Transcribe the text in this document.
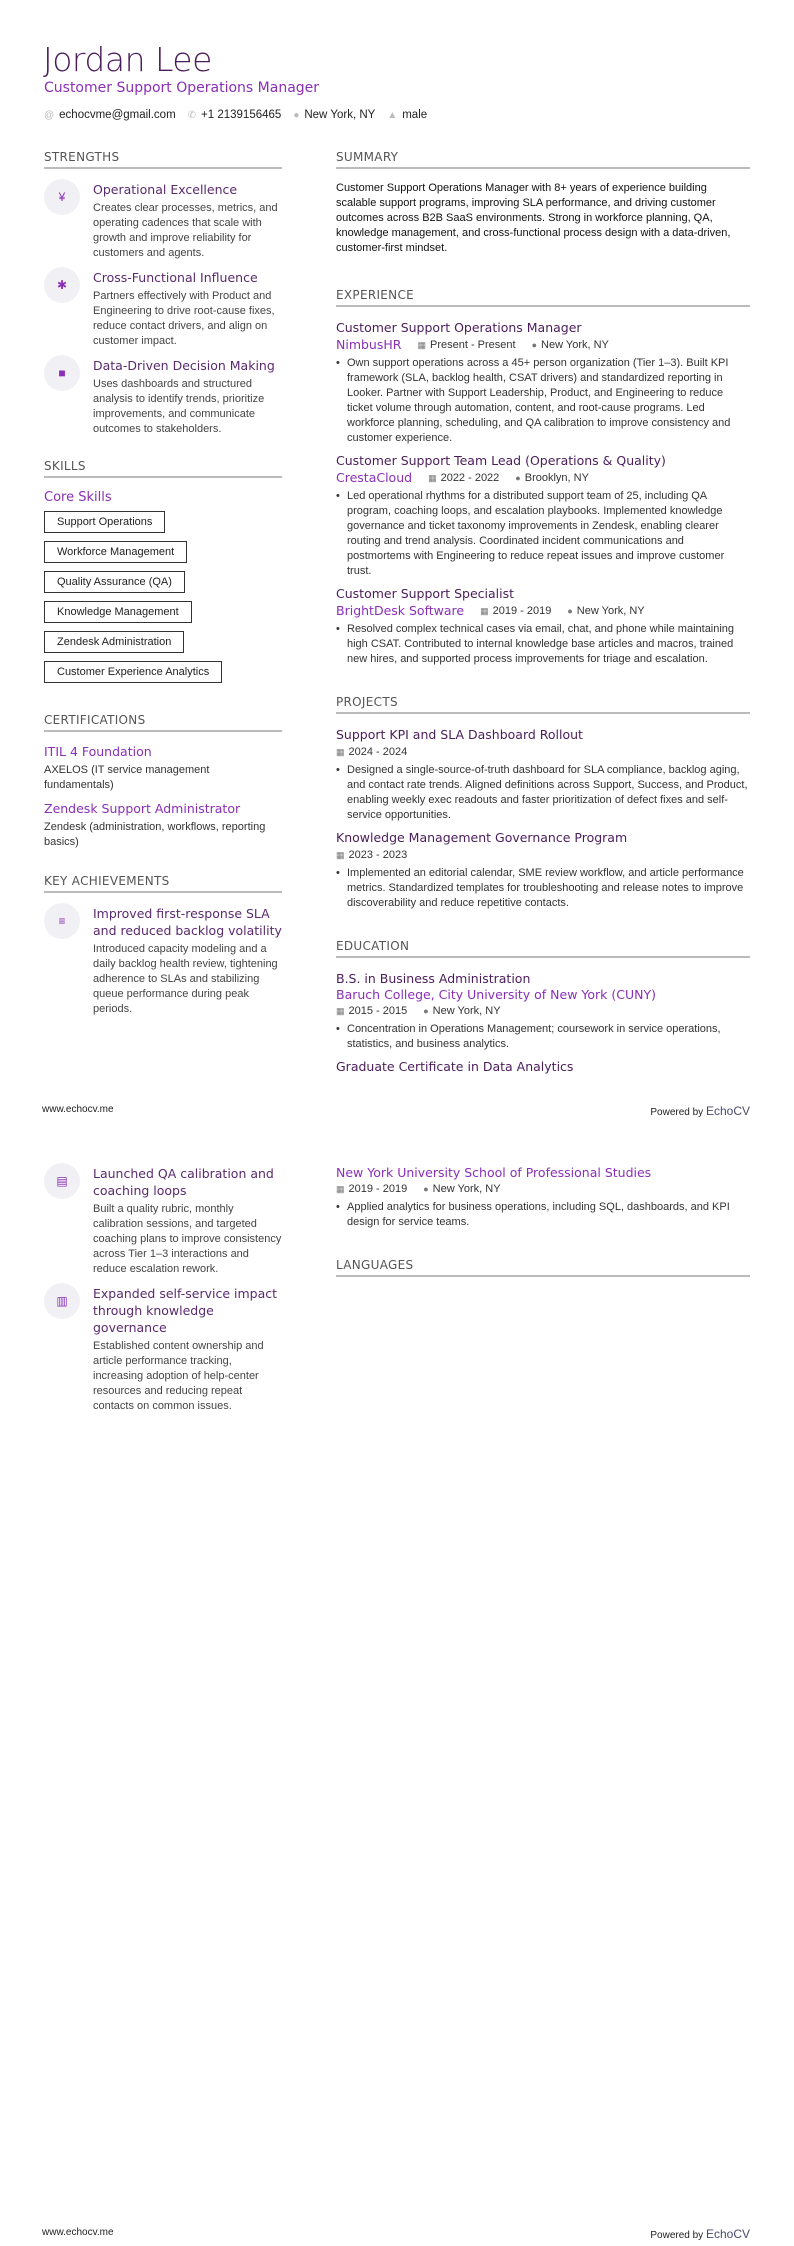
Jordan Lee
Customer Support Operations Manager
@ echocvme@gmail.com ✆ +1 2139156465 ● New York, NY ▲ male
STRENGTHS
¥	Operational Excellence
Creates clear processes, metrics, and operating cadences that scale with growth and improve reliability for customers and agents.
✱	Cross-Functional Influence
Partners effectively with Product and Engineering to drive root-cause fixes, reduce contact drivers, and align on customer impact.
■	Data-Driven Decision Making
Uses dashboards and structured analysis to identify trends, prioritize improvements, and communicate outcomes to stakeholders.
SKILLS
Core Skills
Support Operations
Workforce Management
Quality Assurance (QA)
Knowledge Management
Zendesk Administration
Customer Experience Analytics
CERTIFICATIONS
ITIL 4 Foundation
AXELOS (IT service management fundamentals)
Zendesk Support Administrator
Zendesk (administration, workflows, reporting basics)
KEY ACHIEVEMENTS
≡	Improved first-response SLA and reduced backlog volatility
Introduced capacity modeling and a daily backlog health review, tightening adherence to SLAs and stabilizing queue performance during peak periods.
SUMMARY
Customer Support Operations Manager with 8+ years of experience building scalable support programs, improving SLA performance, and driving customer outcomes across B2B SaaS environments. Strong in workforce planning, QA, knowledge management, and cross-functional process design with a data-driven, customer-first mindset.
EXPERIENCE
Customer Support Operations Manager
NimbusHR ▦ Present - Present ● New York, NY
• Own support operations across a 45+ person organization (Tier 1–3). Built KPI framework (SLA, backlog health, CSAT drivers) and standardized reporting in Looker. Partner with Support Leadership, Product, and Engineering to reduce ticket volume through automation, content, and root-cause programs. Led workforce planning, scheduling, and QA calibration to improve consistency and customer experience.
Customer Support Team Lead (Operations & Quality)
CrestaCloud ▦ 2022 - 2022 ● Brooklyn, NY
• Led operational rhythms for a distributed support team of 25, including QA program, coaching loops, and escalation playbooks. Implemented knowledge governance and ticket taxonomy improvements in Zendesk, enabling clearer routing and trend analysis. Coordinated incident communications and postmortems with Engineering to reduce repeat issues and improve customer trust.
Customer Support Specialist
BrightDesk Software ▦ 2019 - 2019 ● New York, NY
• Resolved complex technical cases via email, chat, and phone while maintaining high CSAT. Contributed to internal knowledge base articles and macros, trained new hires, and supported process improvements for triage and escalation.
PROJECTS
Support KPI and SLA Dashboard Rollout
▦ 2024 - 2024
• Designed a single-source-of-truth dashboard for SLA compliance, backlog aging, and contact rate trends. Aligned definitions across Support, Success, and Product, enabling weekly exec readouts and faster prioritization of defect fixes and self-service opportunities.
Knowledge Management Governance Program
▦ 2023 - 2023
• Implemented an editorial calendar, SME review workflow, and article performance metrics. Standardized templates for troubleshooting and release notes to improve discoverability and reduce repetitive contacts.
EDUCATION
B.S. in Business Administration
Baruch College, City University of New York (CUNY)
▦ 2015 - 2015 ● New York, NY
• Concentration in Operations Management; coursework in service operations, statistics, and business analytics.
Graduate Certificate in Data Analytics
www.echocv.me	Powered by EchoCV
▤	Launched QA calibration and coaching loops
Built a quality rubric, monthly calibration sessions, and targeted coaching plans to improve consistency across Tier 1–3 interactions and reduce escalation rework.
▥	Expanded self-service impact through knowledge governance
Established content ownership and article performance tracking, increasing adoption of help-center resources and reducing repeat contacts on common issues.
New York University School of Professional Studies
▦ 2019 - 2019 ● New York, NY
• Applied analytics for business operations, including SQL, dashboards, and KPI design for service teams.
LANGUAGES
www.echocv.me	Powered by EchoCV
